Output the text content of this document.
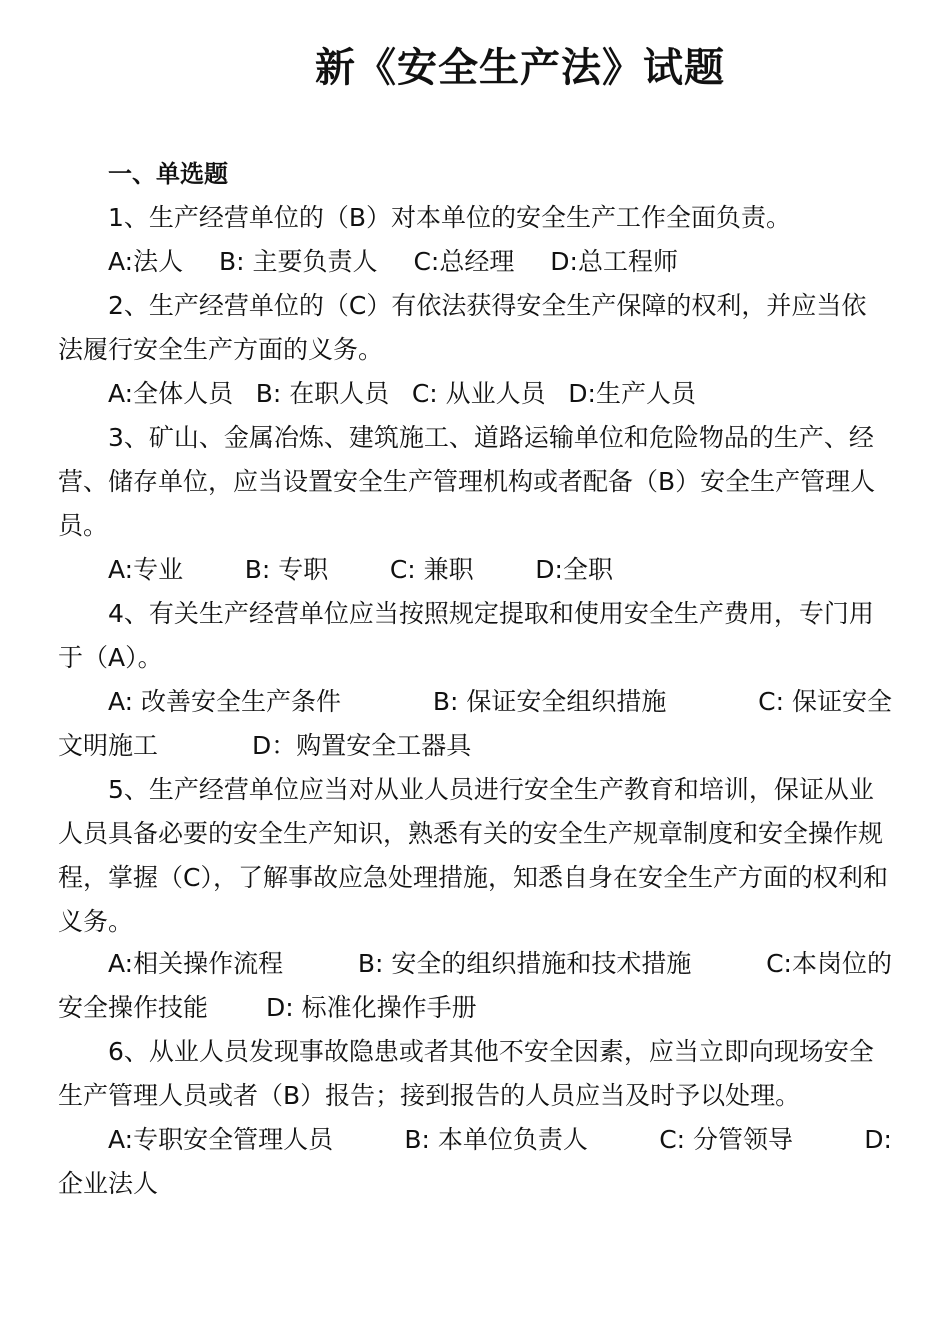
新《安全生产法》试题
一、单选题
1、生产经营单位的（B）对本单位的安全生产工作全面负责。
A:法人 B: 主要负责人 C:总经理 D:总工程师
2、生产经营单位的（C）有依法获得安全生产保障的权利，并应当依
法履行安全生产方面的义务。
A:全体人员 B: 在职人员 C: 从业人员 D:生产人员
3、矿山、金属冶炼、建筑施工、道路运输单位和危险物品的生产、经
营、储存单位，应当设置安全生产管理机构或者配备（B）安全生产管理人
员。
A:专业 B: 专职 C: 兼职 D:全职
4、有关生产经营单位应当按照规定提取和使用安全生产费用，专门用
于（A）。
A: 改善安全生产条件	B: 保证安全组织措施	C: 保证安全
文明施工	D：购置安全工器具
5、生产经营单位应当对从业人员进行安全生产教育和培训，保证从业
人员具备必要的安全生产知识，熟悉有关的安全生产规章制度和安全操作规
程，掌握（C），了解事故应急处理措施，知悉自身在安全生产方面的权利和
义务。
A:相关操作流程	B: 安全的组织措施和技术措施	C:本岗位的
安全操作技能 D: 标准化操作手册
6、从业人员发现事故隐患或者其他不安全因素，应当立即向现场安全
生产管理人员或者（B）报告；接到报告的人员应当及时予以处理。
A:专职安全管理人员	B: 本单位负责人	C: 分管领导	D:
企业法人
